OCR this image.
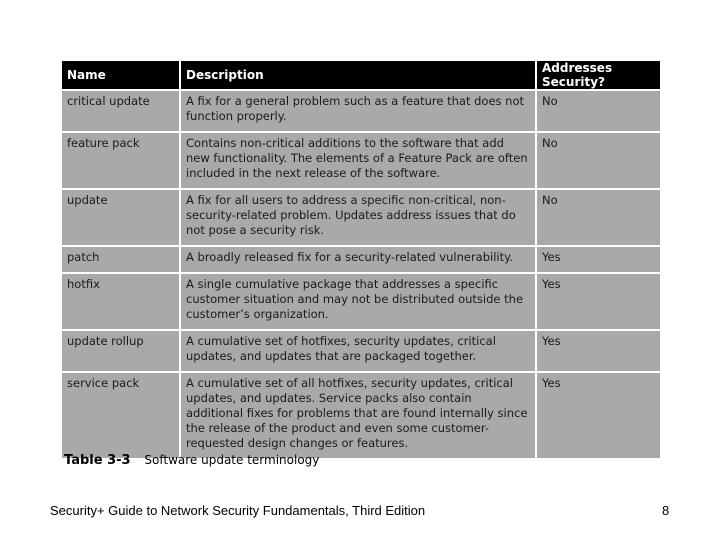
Name	Description	Addresses Security?
critical update	A fix for a general problem such as a feature that does not function properly.	No
feature pack	Contains non-critical additions to the software that add new functionality. The elements of a Feature Pack are often included in the next release of the software.	No
update	A fix for all users to address a specific non-critical, non-security-related problem. Updates address issues that do not pose a security risk.	No
patch	A broadly released fix for a security-related vulnerability.	Yes
hotfix	A single cumulative package that addresses a specific customer situation and may not be distributed outside the customer’s organization.	Yes
update rollup	A cumulative set of hotfixes, security updates, critical updates, and updates that are packaged together.	Yes
service pack	A cumulative set of all hotfixes, security updates, critical updates, and updates. Service packs also contain additional fixes for problems that are found internally since the release of the product and even some customer-requested design changes or features.	Yes
Table 3-3 Software update terminology
Security+ Guide to Network Security Fundamentals, Third Edition	8
